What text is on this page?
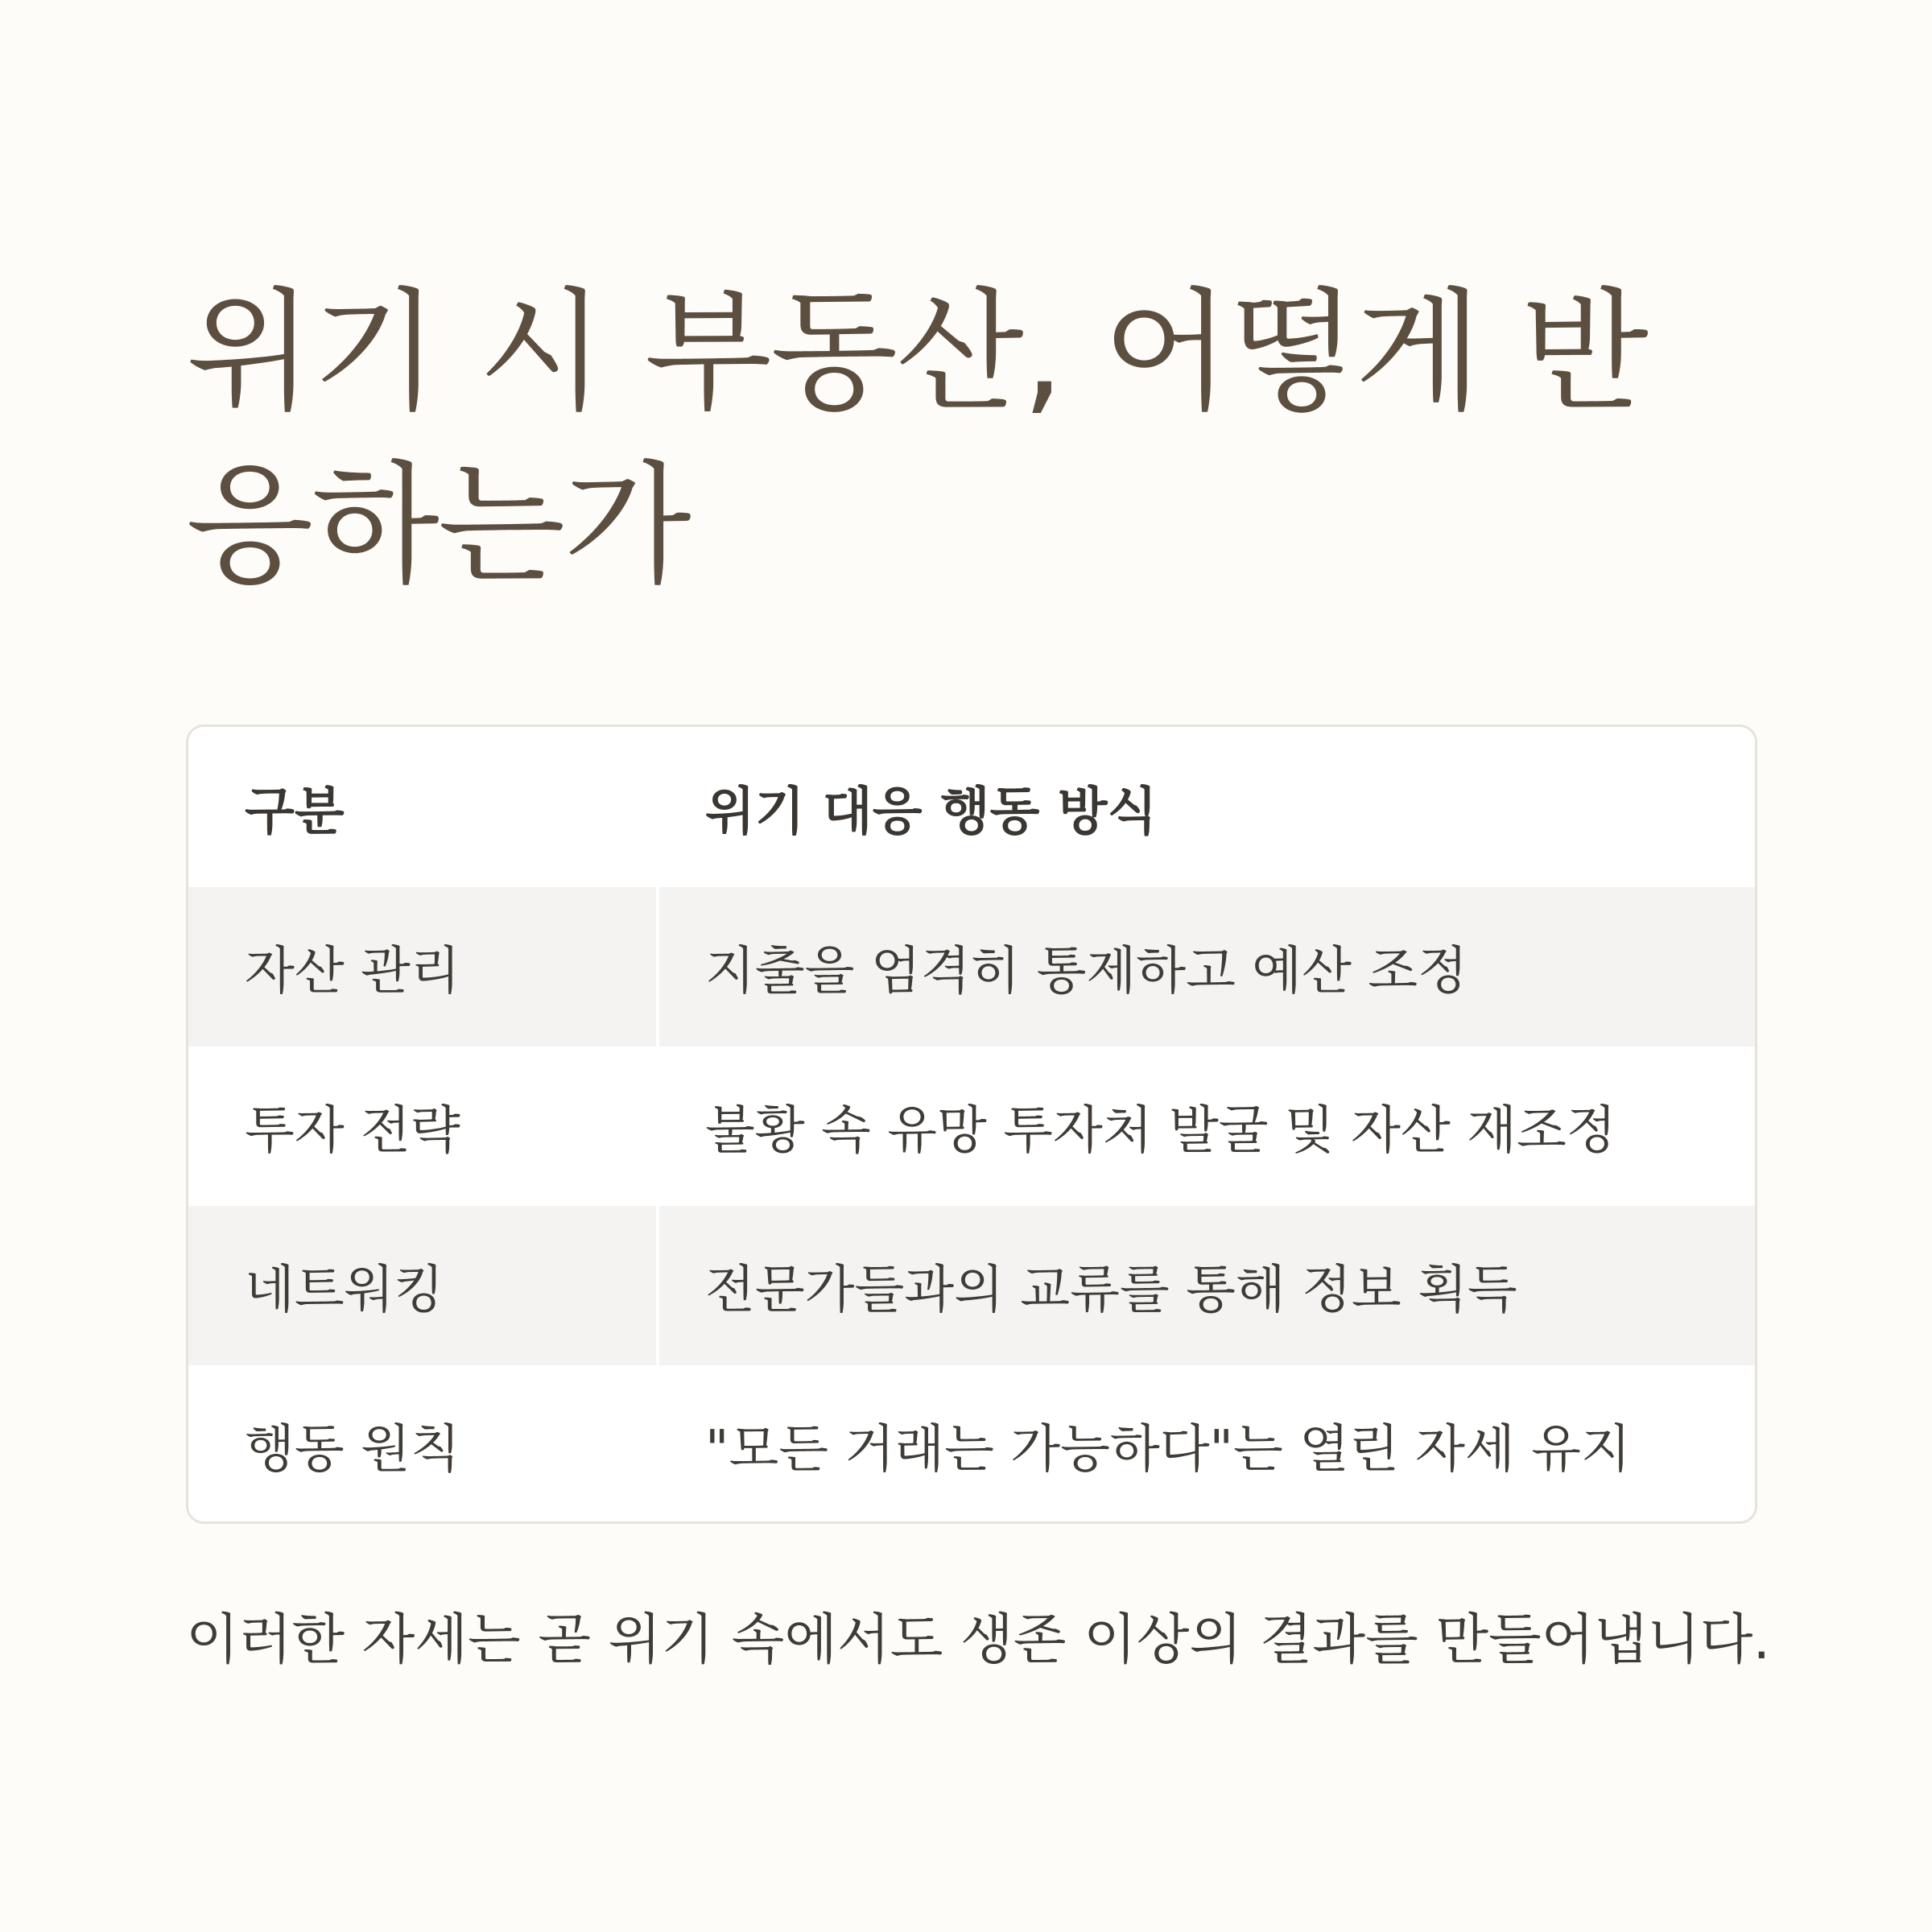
위기 시 부동산, 어떻게 반응하는가
구분	위기 대응 행동 방식
자산 관리	지출을 엄격히 통제하고 예산 조정
투자 전략	불황 속 유망 투자처 발굴 및 자산 재조정
네트워킹	전문가들과의 교류를 통해 정보 획득
행동 원칙	"모든 거래는 가능하다"는 열린 자세 유지

이러한 자세는 곧 위기 속에서도 생존 이상의 결과를 만들어냅니다.
